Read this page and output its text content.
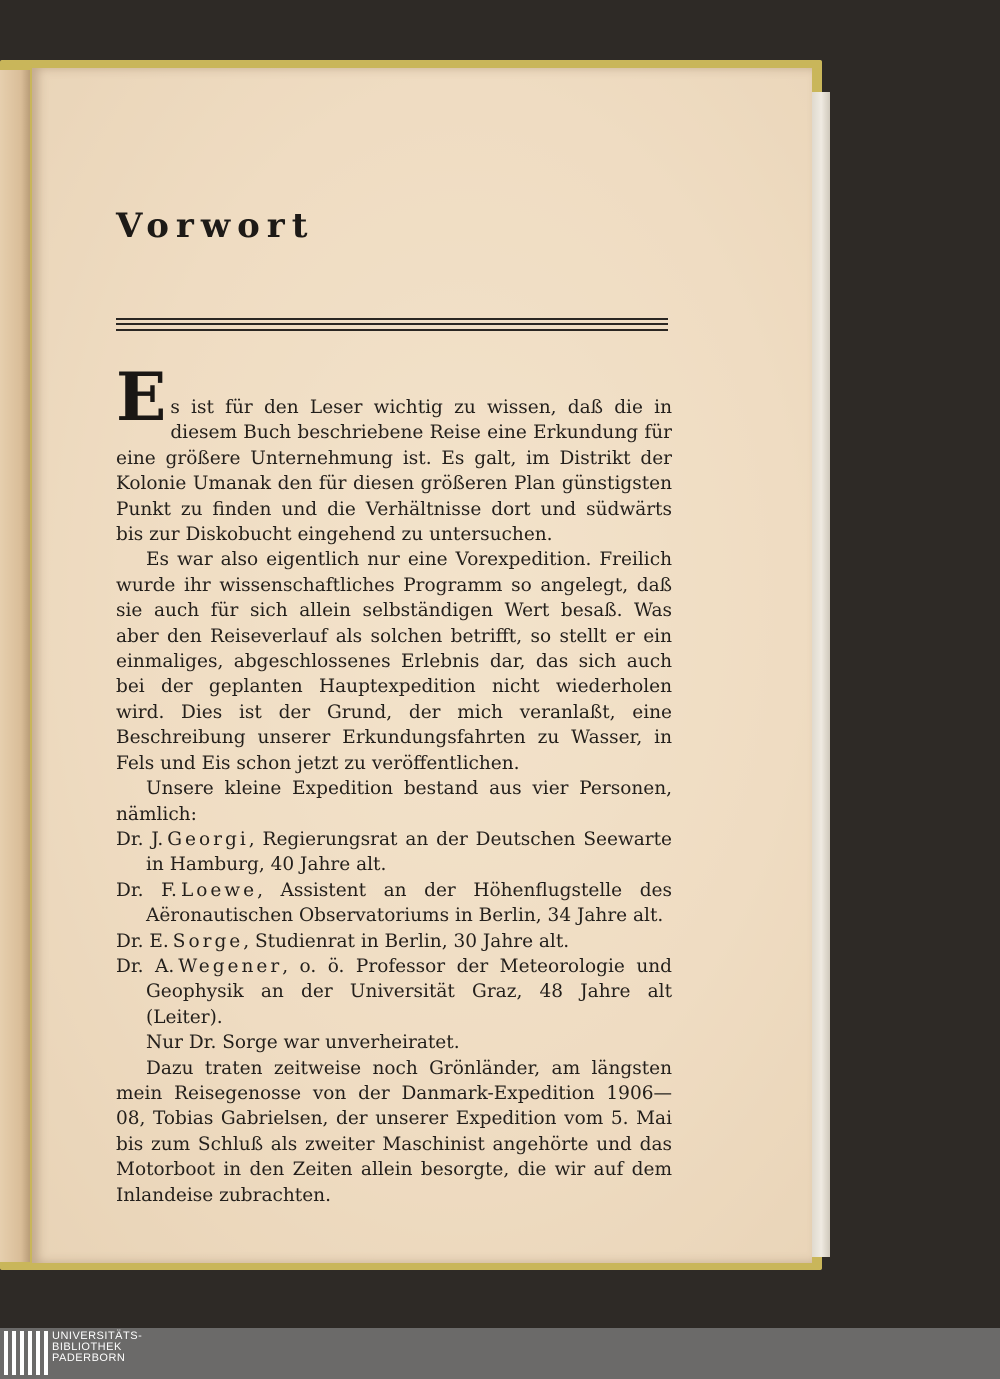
Vorwort

Es ist für den Leser wichtig zu wissen, daß die in diesem Buch beschriebene Reise eine Erkundung für eine größere Unternehmung ist. Es galt, im Distrikt der Kolonie Umanak den für diesen größeren Plan günstigsten Punkt zu finden und die Verhältnisse dort und südwärts bis zur Diskobucht eingehend zu untersuchen.

Es war also eigentlich nur eine Vorexpedition. Freilich wurde ihr wissenschaftliches Programm so angelegt, daß sie auch für sich allein selbständigen Wert besaß. Was aber den Reiseverlauf als solchen betrifft, so stellt er ein einmaliges, abgeschlossenes Erlebnis dar, das sich auch bei der geplanten Hauptexpedition nicht wiederholen wird. Dies ist der Grund, der mich veranlaßt, eine Beschreibung unserer Erkundungsfahrten zu Wasser, in Fels und Eis schon jetzt zu veröffentlichen.

Unsere kleine Expedition bestand aus vier Personen, nämlich:

Dr. J. Georgi, Regierungsrat an der Deutschen Seewarte in Hamburg, 40 Jahre alt.

Dr. F. Loewe, Assistent an der Höhenflugstelle des Aëronautischen Observatoriums in Berlin, 34 Jahre alt.

Dr. E. Sorge, Studienrat in Berlin, 30 Jahre alt.

Dr. A. Wegener, o. ö. Professor der Meteorologie und Geophysik an der Universität Graz, 48 Jahre alt (Leiter).

Nur Dr. Sorge war unverheiratet.

Dazu traten zeitweise noch Grönländer, am längsten mein Reisegenosse von der Danmark-Expedition 1906—08, Tobias Gabrielsen, der unserer Expedition vom 5. Mai bis zum Schluß als zweiter Maschinist angehörte und das Motorboot in den Zeiten allein besorgte, die wir auf dem Inlandeise zubrachten.

UNIVERSITÄTS-
BIBLIOTHEK
PADERBORN
